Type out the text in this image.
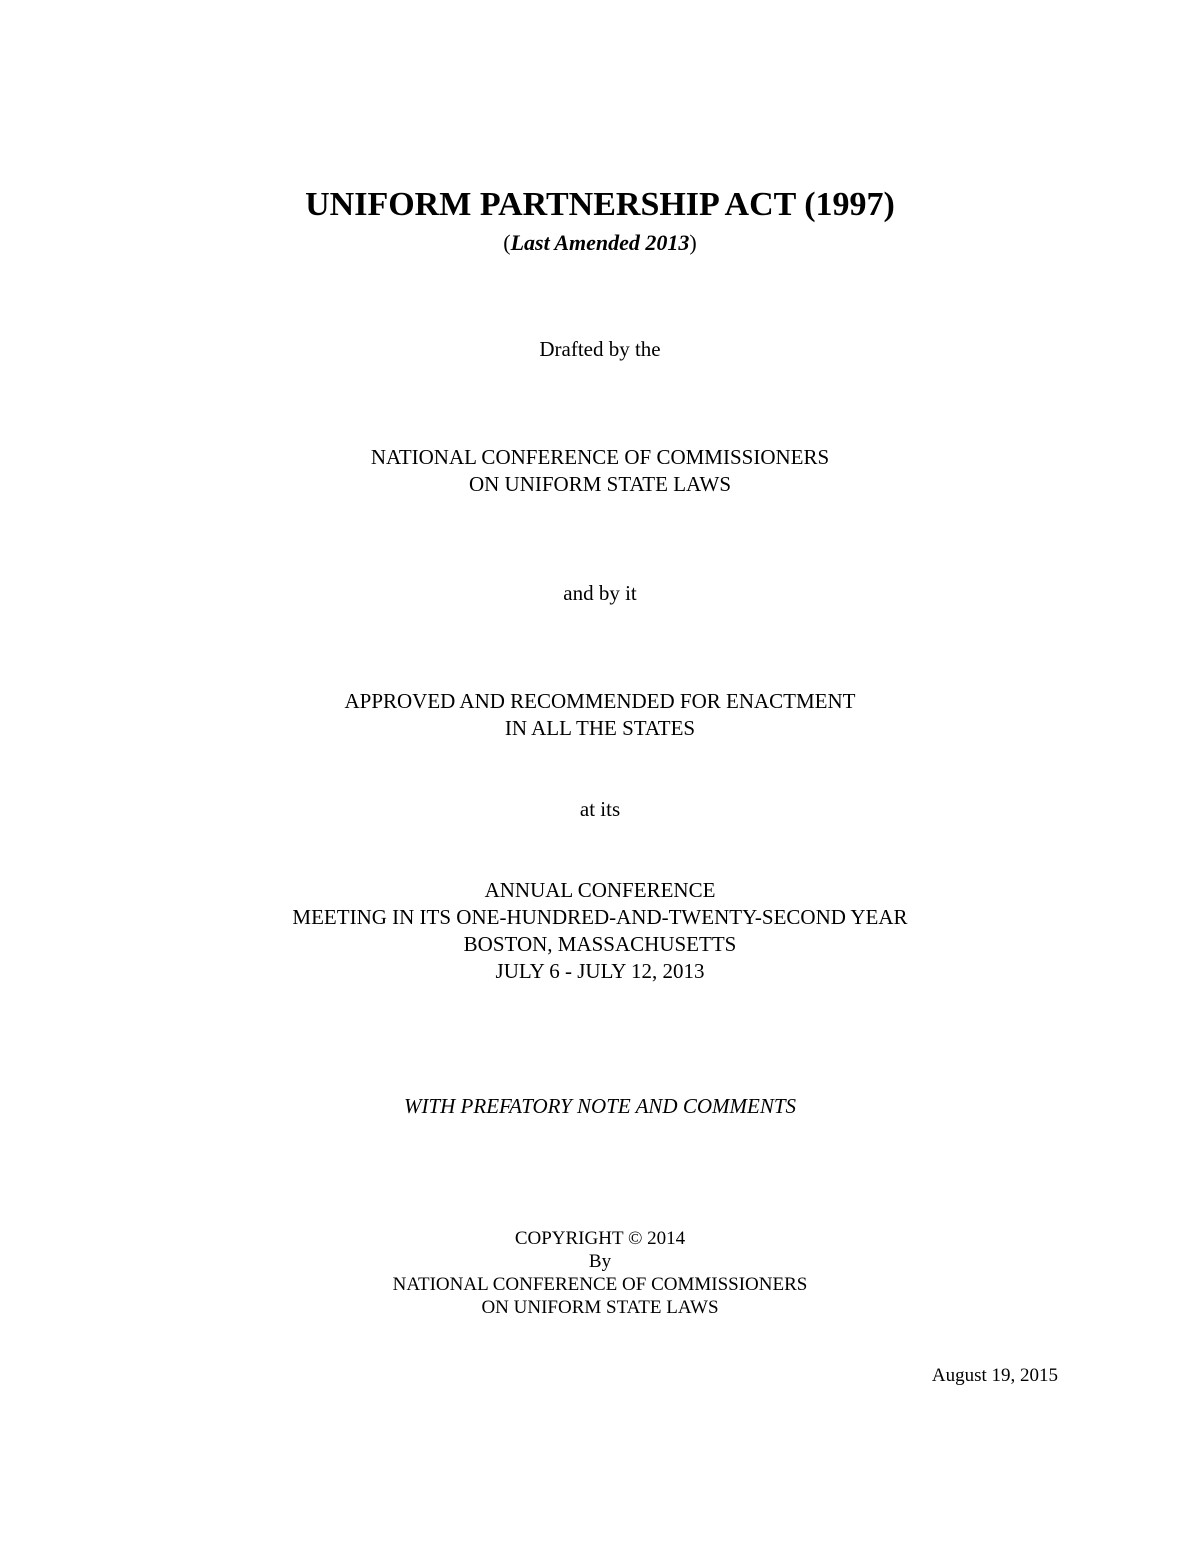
UNIFORM PARTNERSHIP ACT (1997)
(Last Amended 2013)
Drafted by the
NATIONAL CONFERENCE OF COMMISSIONERS
ON UNIFORM STATE LAWS
and by it
APPROVED AND RECOMMENDED FOR ENACTMENT
IN ALL THE STATES
at its
ANNUAL CONFERENCE
MEETING IN ITS ONE-HUNDRED-AND-TWENTY-SECOND YEAR
BOSTON, MASSACHUSETTS
JULY 6 - JULY 12, 2013
WITH PREFATORY NOTE AND COMMENTS
COPYRIGHT © 2014
By
NATIONAL CONFERENCE OF COMMISSIONERS
ON UNIFORM STATE LAWS
August 19, 2015
